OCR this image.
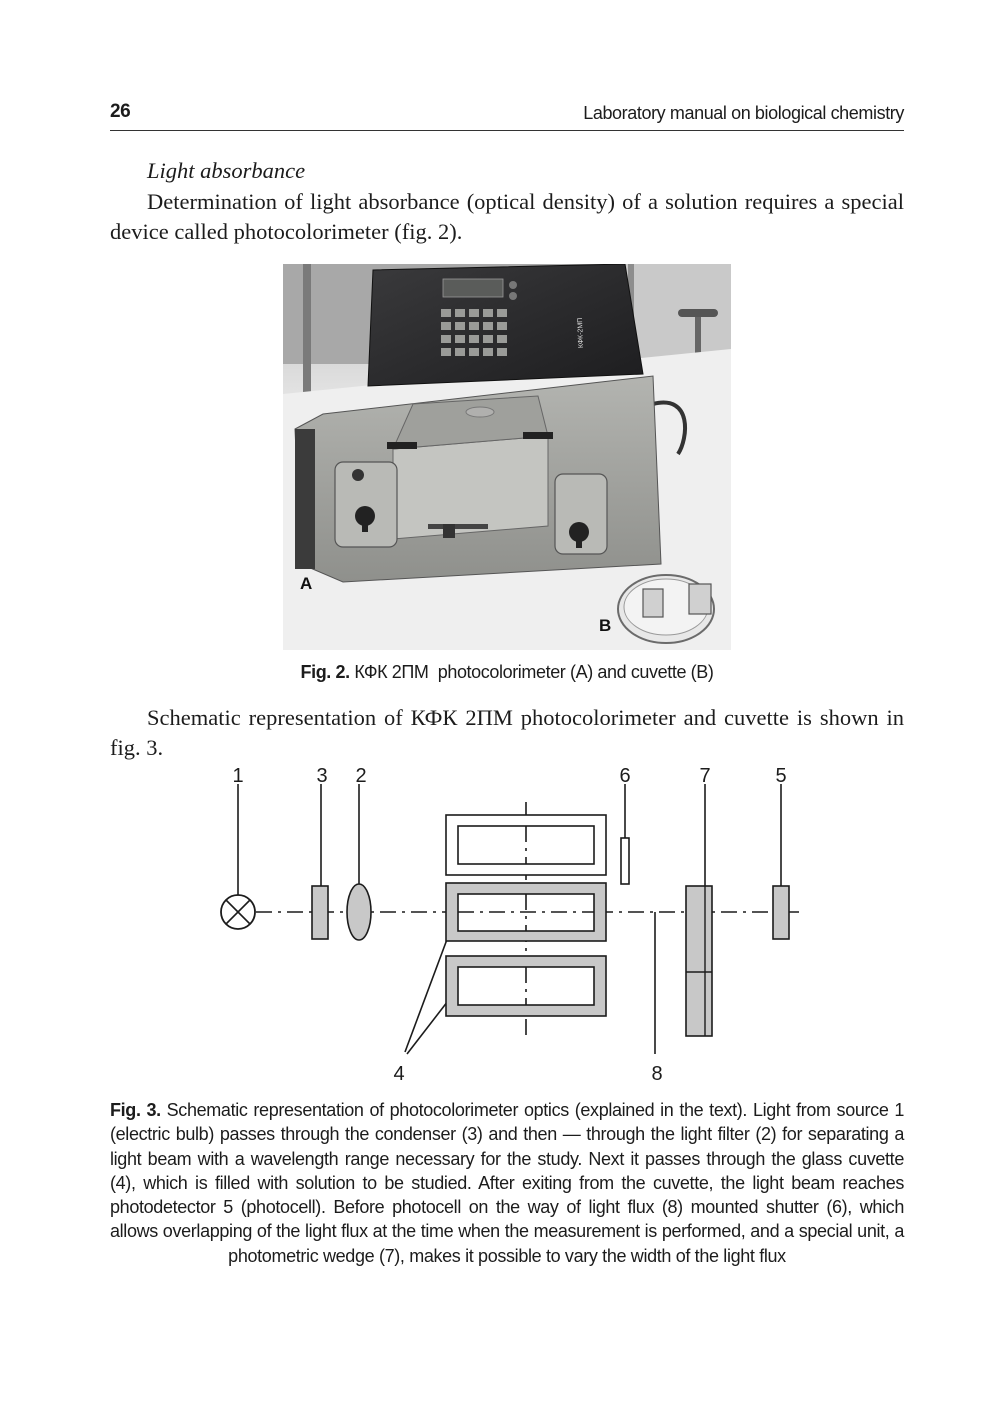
26	Laboratory manual on biological chemistry
Light absorbance
Determination of light absorbance (optical density) of a solution requires a special device called photocolorimeter (fig. 2).
КФК-2МП
A
B
Fig. 2. КФК 2ПМ  photocolorimeter (A) and cuvette (B)
Schematic representation of КФК 2ПМ photocolorimeter and cuvette is shown in fig. 3.
1	3 2	6	7	5
4	8
Fig. 3. Schematic representation of photocolorimeter optics (explained in the text). Light from source 1 (electric bulb) passes through the condenser (3) and then — through the light filter (2) for separating a light beam with a wavelength range necessary for the study. Next it passes through the glass cuvette (4), which is filled with solution to be studied. After exiting from the cuvette, the light beam reaches photodetector 5 (photocell). Before photocell on the way of light flux (8) mounted shutter (6), which allows overlapping of the light flux at the time when the measurement is performed, and a special unit, a photometric wedge (7), makes it possible to vary the width of the light flux
